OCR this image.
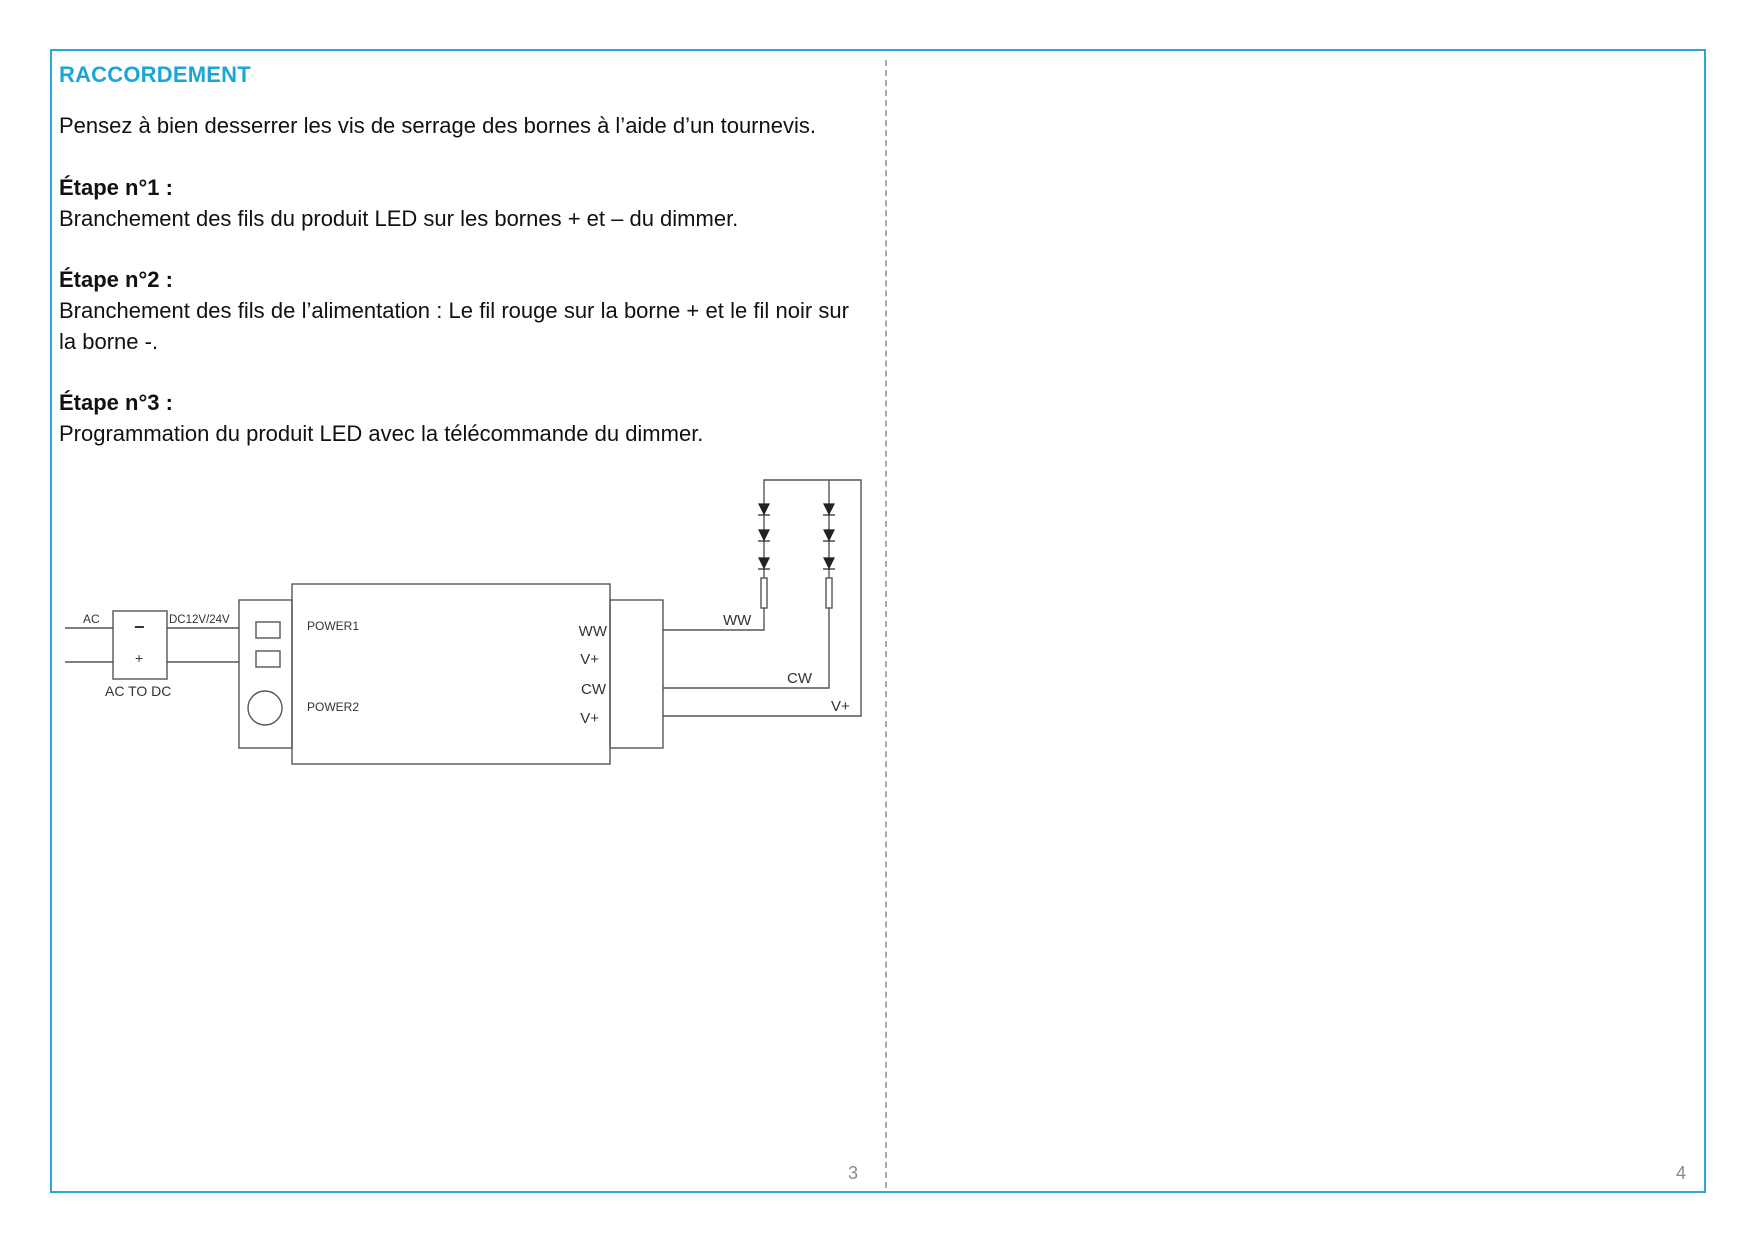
RACCORDEMENT

Pensez à bien desserrer les vis de serrage des bornes à l’aide d’un tournevis.

Étape n°1 :

Branchement des fils du produit LED sur les bornes + et – du dimmer.

Étape n°2 :

Branchement des fils de l’alimentation : Le fil rouge sur la borne + et le fil noir sur la borne -.

Étape n°3 :

Programmation du produit LED avec la télécommande du dimmer.

AC −
+
DC12V/24V
AC TO DC
POWER1
POWER2
WW
V+
CW
V+
WW
CW
V+
3	4
